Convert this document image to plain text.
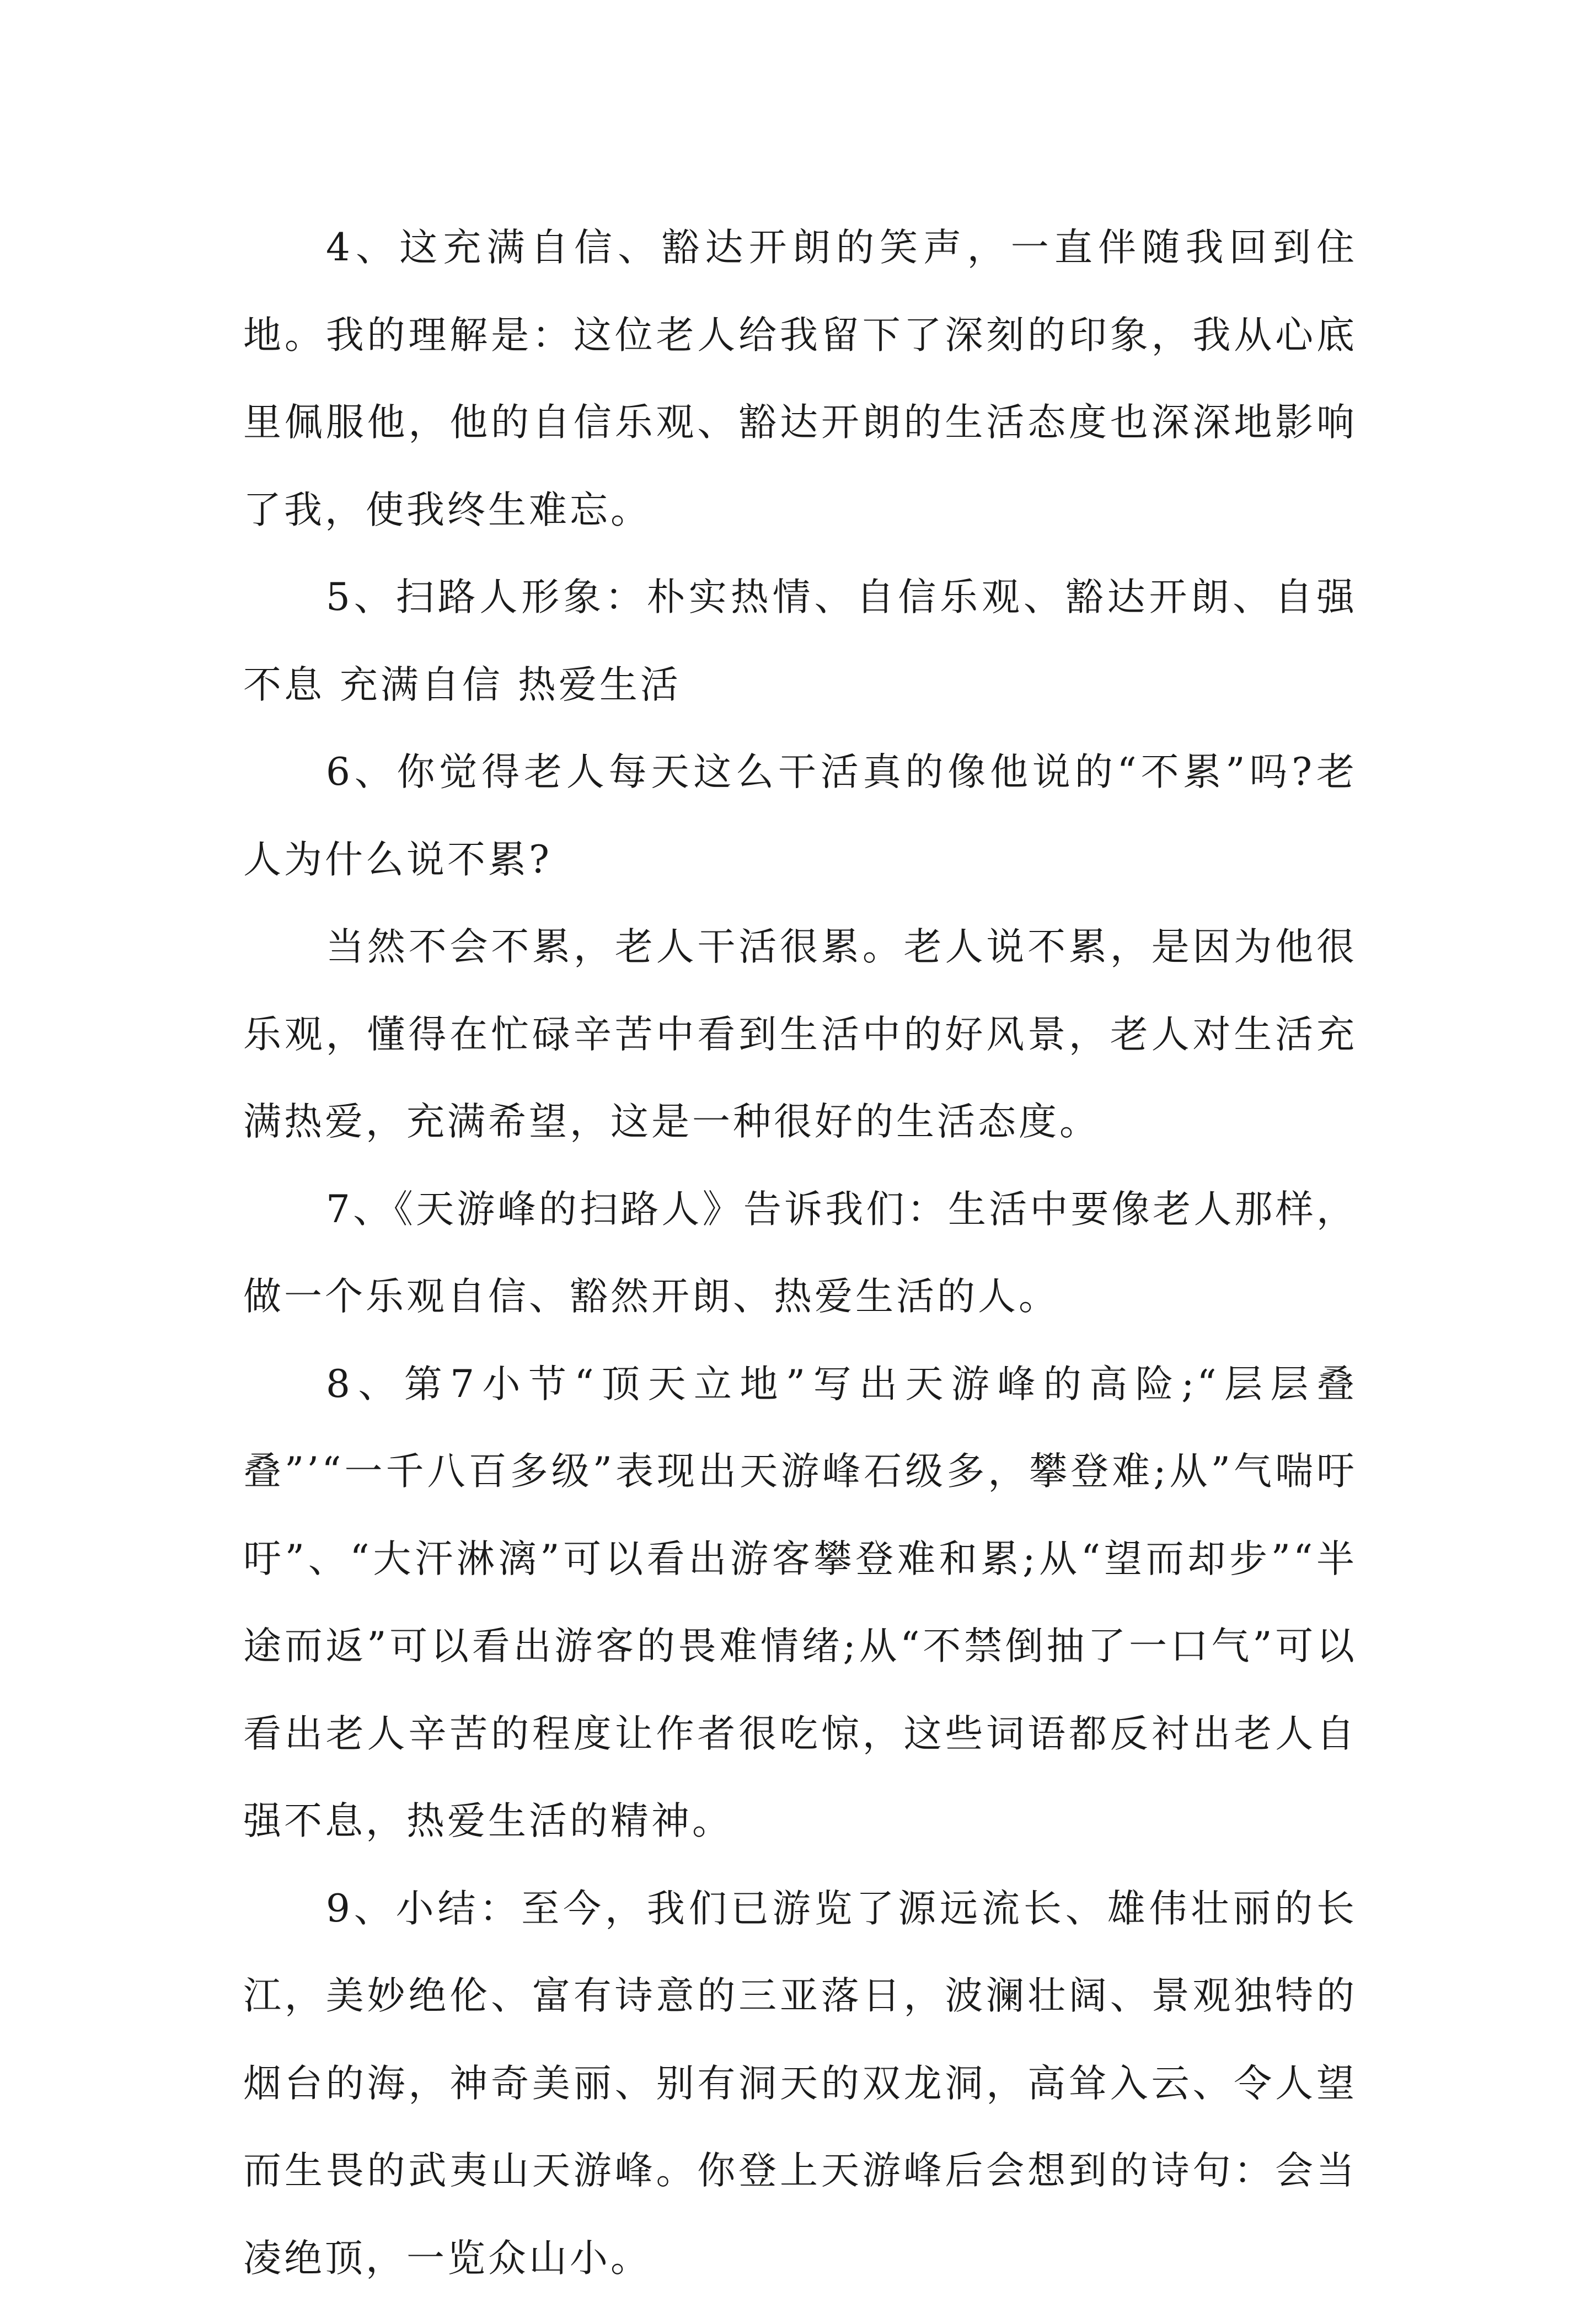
4、这充满自信、豁达开朗的笑声，一直伴随我回到住地。我的理解是：这位老人给我留下了深刻的印象，我从心底里佩服他，他的自信乐观、豁达开朗的生活态度也深深地影响了我，使我终生难忘。

5、扫路人形象：朴实热情、自信乐观、豁达开朗、自强不息 充满自信 热爱生活

6、你觉得老人每天这么干活真的像他说的“不累”吗?老人为什么说不累?

当然不会不累，老人干活很累。老人说不累，是因为他很乐观，懂得在忙碌辛苦中看到生活中的好风景，老人对生活充满热爱，充满希望，这是一种很好的生活态度。

7、《天游峰的扫路人》告诉我们：生活中要像老人那样，做一个乐观自信、豁然开朗、热爱生活的人。

8、第7小节“顶天立地”写出天游峰的高险;“层层叠叠”’“一千八百多级”表现出天游峰石级多，攀登难;从”气喘吁吁”、“大汗淋漓”可以看出游客攀登难和累;从“望而却步”“半途而返”可以看出游客的畏难情绪;从“不禁倒抽了一口气”可以看出老人辛苦的程度让作者很吃惊，这些词语都反衬出老人自强不息，热爱生活的精神。

9、小结：至今，我们已游览了源远流长、雄伟壮丽的长江，美妙绝伦、富有诗意的三亚落日，波澜壮阔、景观独特的烟台的海，神奇美丽、别有洞天的双龙洞，高耸入云、令人望而生畏的武夷山天游峰。你登上天游峰后会想到的诗句：会当凌绝顶，一览众山小。
